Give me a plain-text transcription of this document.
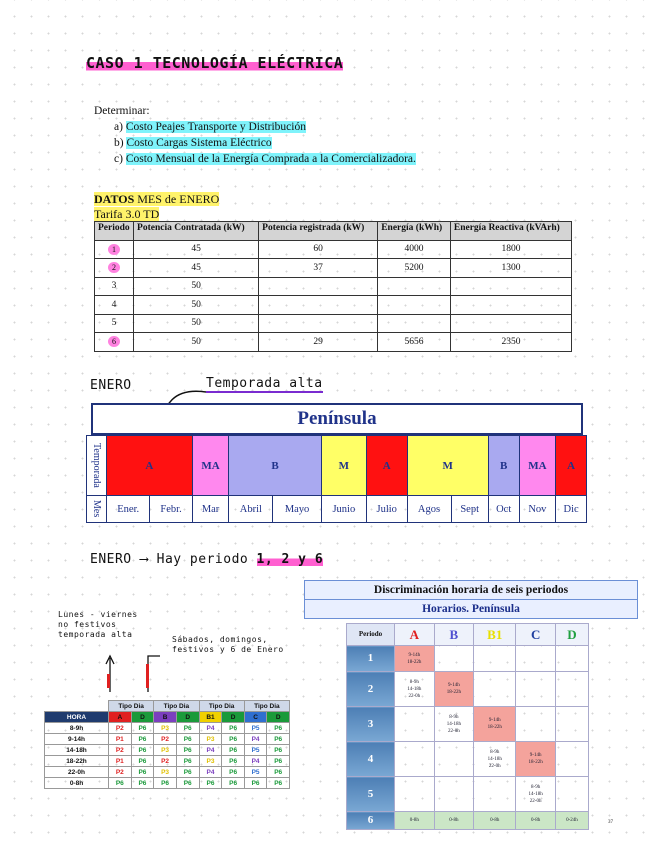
CASO 1 TECNOLOGÍA ELÉCTRICA
Determinar:
a) Costo Peajes Transporte y Distribución
b) Costo Cargas Sistema Eléctrico
c) Costo Mensual de la Energía Comprada a la Comercializadora.
DATOS MES de ENERO
Tarifa 3.0 TD
Periodo	Potencia Contratada (kW)	Potencia registrada (kW)	Energía (kWh)	Energía Reactiva (kVArh)
1	45	60	4000	1800
2	45	37	5200	1300
3	50			
4	50			
5	50			
6	50	29	5656	2350
ENERO	Temporada alta
Península
Temporada	A		MA	B		M	A	M		B	MA	A

Mes	Ener.	Febr.	Mar	Abril	Mayo	Junio	Julio	Agos	Sept	Oct	Nov	Dic
ENERO ⟶ Hay periodo 1, 2 y 6
Lunes - viernes no festivos temporada alta
Sábados, domingos, festivos y 6 de Enero
	Tipo Dia		Tipo Dia		Tipo Dia		Tipo Dia	
HORA	A	D	B	D	B1	D	C	D
8-9h	P2	P6	P3	P6	P4	P6	P5	P6
9-14h	P1	P6	P2	P6	P3	P6	P4	P6
14-18h	P2	P6	P3	P6	P4	P6	P5	P6
18-22h	P1	P6	P2	P6	P3	P6	P4	P6
22-0h	P2	P6	P3	P6	P4	P6	P5	P6
0-8h	P6	P6	P6	P6	P6	P6	P6	P6
Discriminación horaria de seis periodos
Horarios. Península
Periodo	A	B	B1	C	D
1	9-14h
18-22h				
2	8-9h
14-18h
22-0h	9-14h
18-22h			
3		8-9h
14-18h
22-0h	9-14h
18-22h		
4			8-9h
14-18h
22-0h	9-14h
18-22h	
5				8-9h
14-18h
22-0h	
6	0-8h	0-8h	0-8h	0-8h	0-24h	37
